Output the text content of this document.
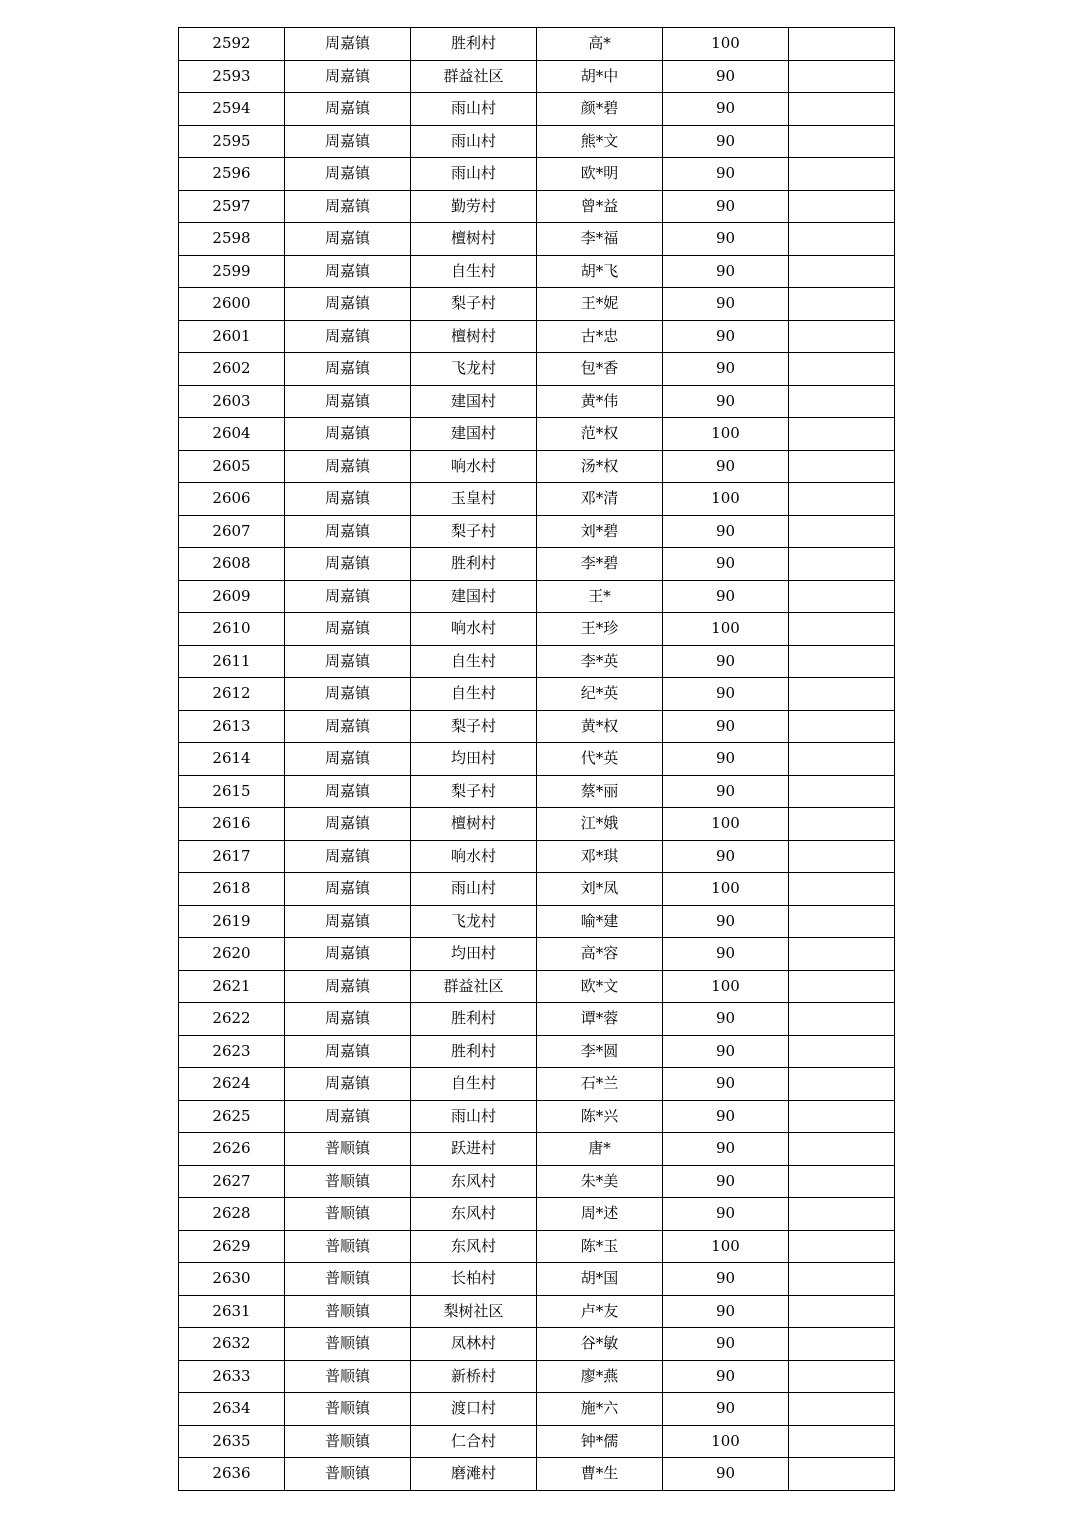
2592	周嘉镇	胜利村	高*	100	
2593	周嘉镇	群益社区	胡*中	90	
2594	周嘉镇	雨山村	颜*碧	90	
2595	周嘉镇	雨山村	熊*文	90	
2596	周嘉镇	雨山村	欧*明	90	
2597	周嘉镇	勤劳村	曾*益	90	
2598	周嘉镇	檀树村	李*福	90	
2599	周嘉镇	自生村	胡*飞	90	
2600	周嘉镇	梨子村	王*妮	90	
2601	周嘉镇	檀树村	古*忠	90	
2602	周嘉镇	飞龙村	包*香	90	
2603	周嘉镇	建国村	黄*伟	90	
2604	周嘉镇	建国村	范*权	100	
2605	周嘉镇	响水村	汤*权	90	
2606	周嘉镇	玉皇村	邓*清	100	
2607	周嘉镇	梨子村	刘*碧	90	
2608	周嘉镇	胜利村	李*碧	90	
2609	周嘉镇	建国村	王*	90	
2610	周嘉镇	响水村	王*珍	100	
2611	周嘉镇	自生村	李*英	90	
2612	周嘉镇	自生村	纪*英	90	
2613	周嘉镇	梨子村	黄*权	90	
2614	周嘉镇	均田村	代*英	90	
2615	周嘉镇	梨子村	蔡*丽	90	
2616	周嘉镇	檀树村	江*娥	100	
2617	周嘉镇	响水村	邓*琪	90	
2618	周嘉镇	雨山村	刘*凤	100	
2619	周嘉镇	飞龙村	喻*建	90	
2620	周嘉镇	均田村	高*容	90	
2621	周嘉镇	群益社区	欧*文	100	
2622	周嘉镇	胜利村	谭*蓉	90	
2623	周嘉镇	胜利村	李*圆	90	
2624	周嘉镇	自生村	石*兰	90	
2625	周嘉镇	雨山村	陈*兴	90	
2626	普顺镇	跃进村	唐*	90	
2627	普顺镇	东风村	朱*美	90	
2628	普顺镇	东风村	周*述	90	
2629	普顺镇	东风村	陈*玉	100	
2630	普顺镇	长柏村	胡*国	90	
2631	普顺镇	梨树社区	卢*友	90	
2632	普顺镇	凤林村	谷*敏	90	
2633	普顺镇	新桥村	廖*燕	90	
2634	普顺镇	渡口村	施*六	90	
2635	普顺镇	仁合村	钟*儒	100	
2636	普顺镇	磨滩村	曹*生	90	
